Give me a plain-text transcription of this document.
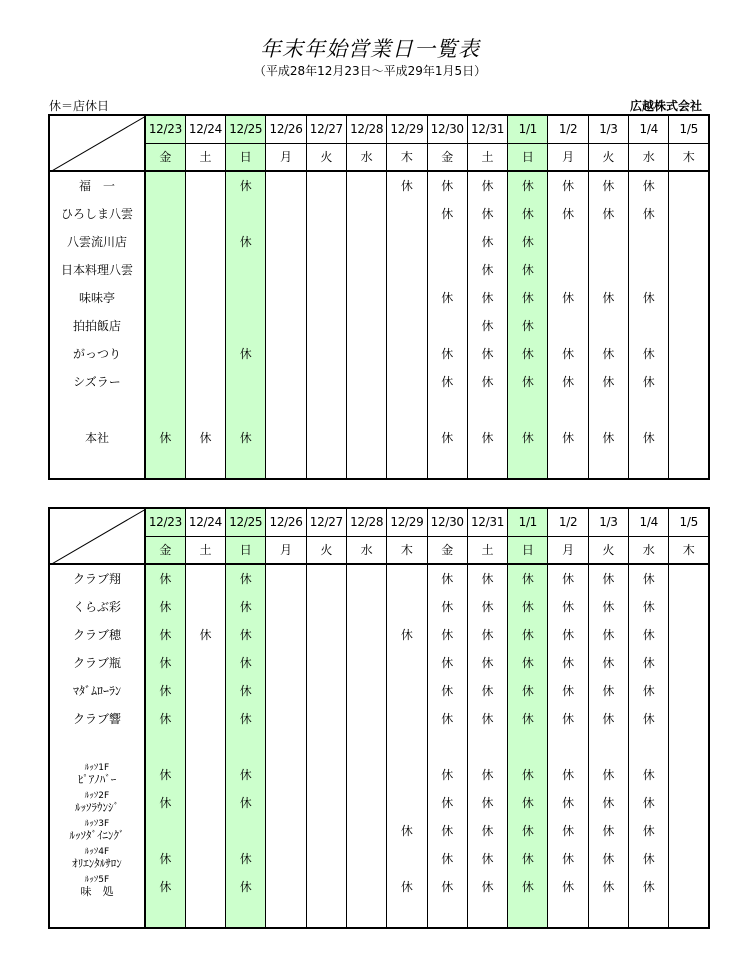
年末年始営業日一覧表
（平成28年12月23日～平成29年1月5日）
休＝店休日	広越株式会社
	12/23	12/24	12/25	12/26	12/27	12/28	12/29	12/30	12/31	1/1	1/2	1/3	1/4	1/5
	金	土	日	月	火	水	木	金	土	日	月	火	水	木
福　一			休				休	休	休	休	休	休	休	
ひろしま八雲								休	休	休	休	休	休	
八雲流川店			休						休	休				
日本料理八雲									休	休				
味味亭								休	休	休	休	休	休	
拍拍飯店									休	休				
がっつり			休					休	休	休	休	休	休	
シズラー								休	休	休	休	休	休	

本社	休	休	休					休	休	休	休	休	休	

	12/23	12/24	12/25	12/26	12/27	12/28	12/29	12/30	12/31	1/1	1/2	1/3	1/4	1/5
	金	土	日	月	火	水	木	金	土	日	月	火	水	木
クラブ翔	休		休					休	休	休	休	休	休	
くらぶ彩	休		休					休	休	休	休	休	休	
クラブ穂	休	休	休				休	休	休	休	休	休	休	
クラブ瓶	休		休					休	休	休	休	休	休	
ﾏﾀﾞﾑﾛｰﾗﾝ	休		休					休	休	休	休	休	休	
クラブ響	休		休					休	休	休	休	休	休	

ﾙｯｿ1F
ﾋﾟｱﾉﾊﾞｰ	休		休					休	休	休	休	休	休	

ﾙｯｿ2F
ﾙｯｿﾗｳﾝｼﾞ	休		休					休	休	休	休	休	休	

ﾙｯｿ3F
ﾙｯｿﾀﾞｲﾆﾝｸﾞ							休	休	休	休	休	休	休	

ﾙｯｿ4F
ｵﾘｴﾝﾀﾙｻﾛﾝ	休		休					休	休	休	休	休	休	

ﾙｯｿ5F
味　処	休		休				休	休	休	休	休	休	休	
